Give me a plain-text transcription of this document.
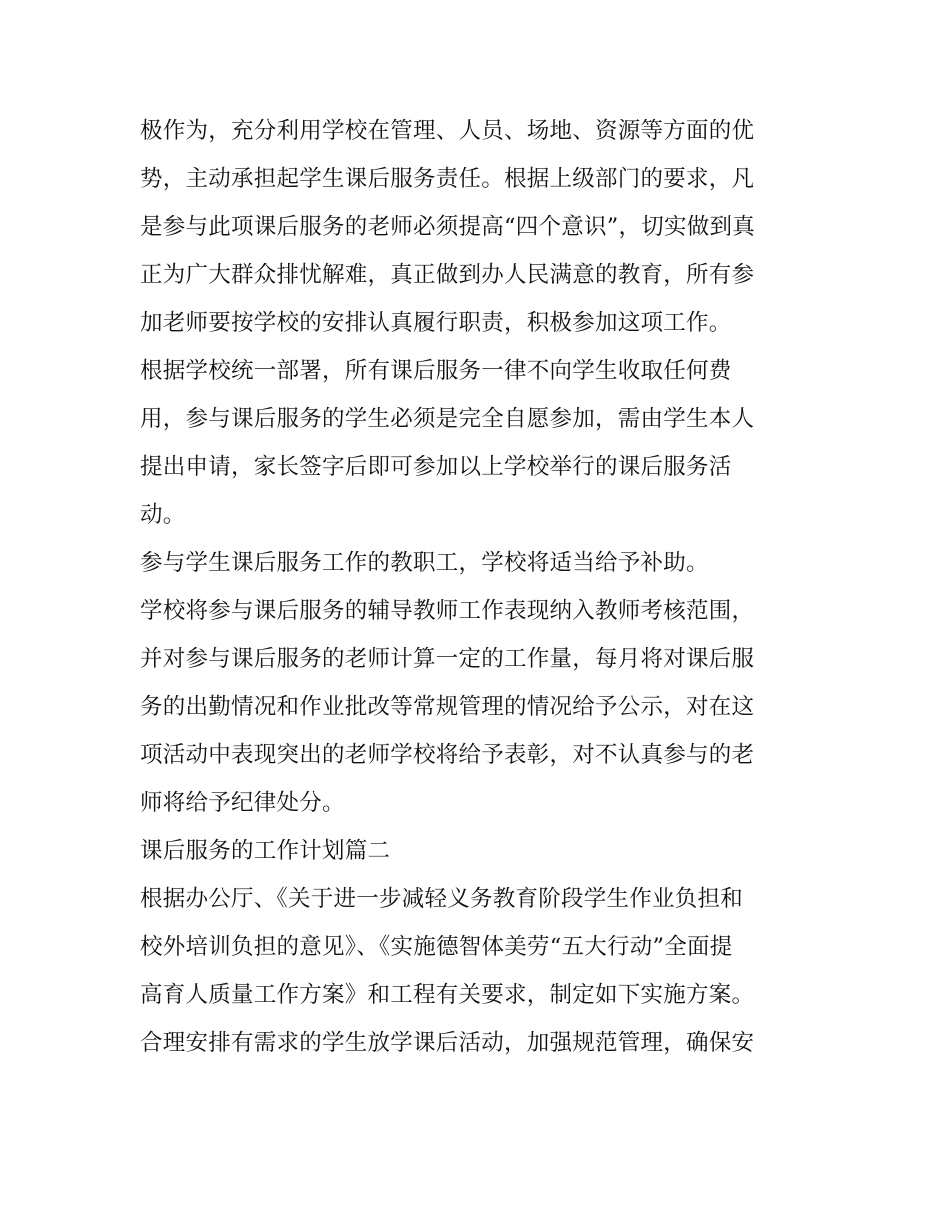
极作为，充分利用学校在管理、人员、场地、资源等方面的优
势，主动承担起学生课后服务责任。根据上级部门的要求，凡
是参与此项课后服务的老师必须提高“四个意识”，切实做到真
正为广大群众排忧解难，真正做到办人民满意的教育，所有参
加老师要按学校的安排认真履行职责，积极参加这项工作。
根据学校统一部署，所有课后服务一律不向学生收取任何费
用，参与课后服务的学生必须是完全自愿参加，需由学生本人
提出申请，家长签字后即可参加以上学校举行的课后服务活
动。
参与学生课后服务工作的教职工，学校将适当给予补助。
学校将参与课后服务的辅导教师工作表现纳入教师考核范围，
并对参与课后服务的老师计算一定的工作量，每月将对课后服
务的出勤情况和作业批改等常规管理的情况给予公示，对在这
项活动中表现突出的老师学校将给予表彰，对不认真参与的老
师将给予纪律处分。
课后服务的工作计划篇二
根据办公厅、《关于进一步减轻义务教育阶段学生作业负担和
校外培训负担的意见》、《实施德智体美劳“五大行动”全面提
高育人质量工作方案》和工程有关要求，制定如下实施方案。
合理安排有需求的学生放学课后活动，加强规范管理，确保安
